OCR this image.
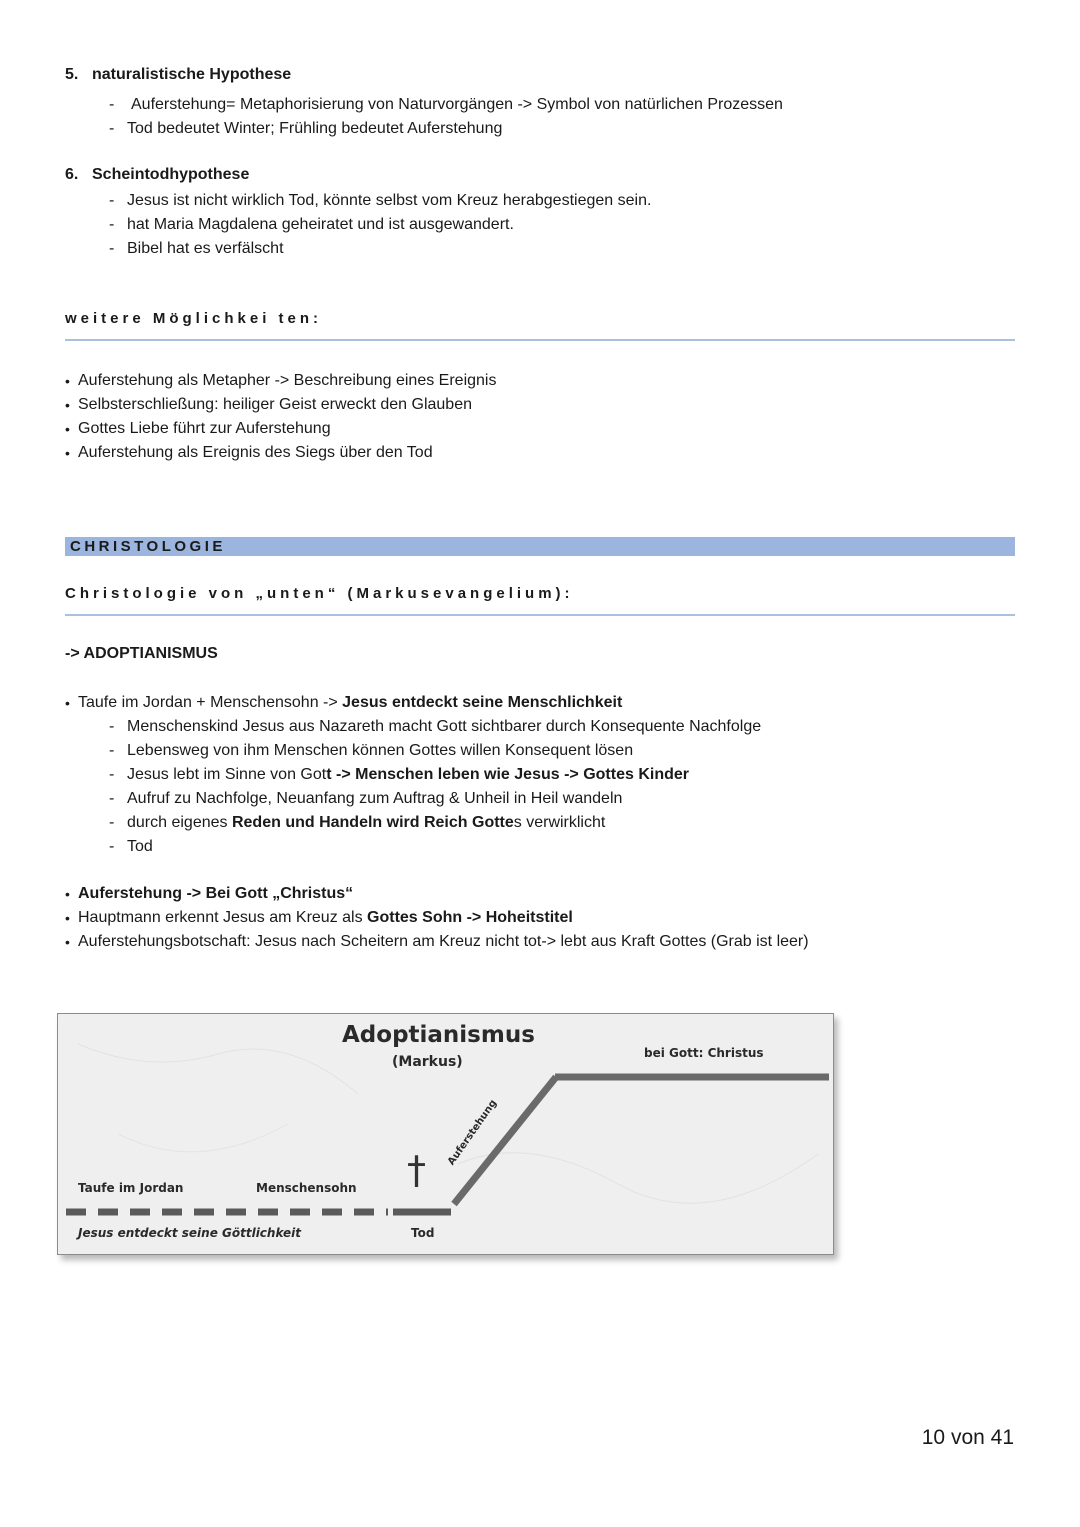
5. naturalistische Hypothese
- Auferstehung= Metaphorisierung von Naturvorgängen -> Symbol von natürlichen Prozessen
- Tod bedeutet Winter; Frühling bedeutet Auferstehung
6. Scheintodhypothese
- Jesus ist nicht wirklich Tod, könnte selbst vom Kreuz herabgestiegen sein.
- hat Maria Magdalena geheiratet und ist ausgewandert.
- Bibel hat es verfälscht
weitere Möglichkei ten:
• Auferstehung als Metapher -> Beschreibung eines Ereignis
• Selbsterschließung: heiliger Geist erweckt den Glauben
• Gottes Liebe führt zur Auferstehung
• Auferstehung als Ereignis des Siegs über den Tod
CHRISTOLOGIE
Christologie von „unten“ (Markusevangelium):
-> ADOPTIANISMUS
• Taufe im Jordan + Menschensohn -> Jesus entdeckt seine Menschlichkeit
- Menschenskind Jesus aus Nazareth macht Gott sichtbarer durch Konsequente Nachfolge
- Lebensweg von ihm Menschen können Gottes willen Konsequent lösen
- Jesus lebt im Sinne von Gott -> Menschen leben wie Jesus -> Gottes Kinder
- Aufruf zu Nachfolge, Neuanfang zum Auftrag & Unheil in Heil wandeln
- durch eigenes Reden und Handeln wird Reich Gottes verwirklicht
- Tod
• Auferstehung -> Bei Gott „Christus“
• Hauptmann erkennt Jesus am Kreuz als Gottes Sohn -> Hoheitstitel
• Auferstehungsbotschaft: Jesus nach Scheitern am Kreuz nicht tot-> lebt aus Kraft Gottes (Grab ist leer)
Adoptianismus
(Markus)
bei Gott: Christus
Auferstehung
†
Taufe im Jordan	Menschensohn
Jesus entdeckt seine Göttlichkeit	Tod
10 von 41
